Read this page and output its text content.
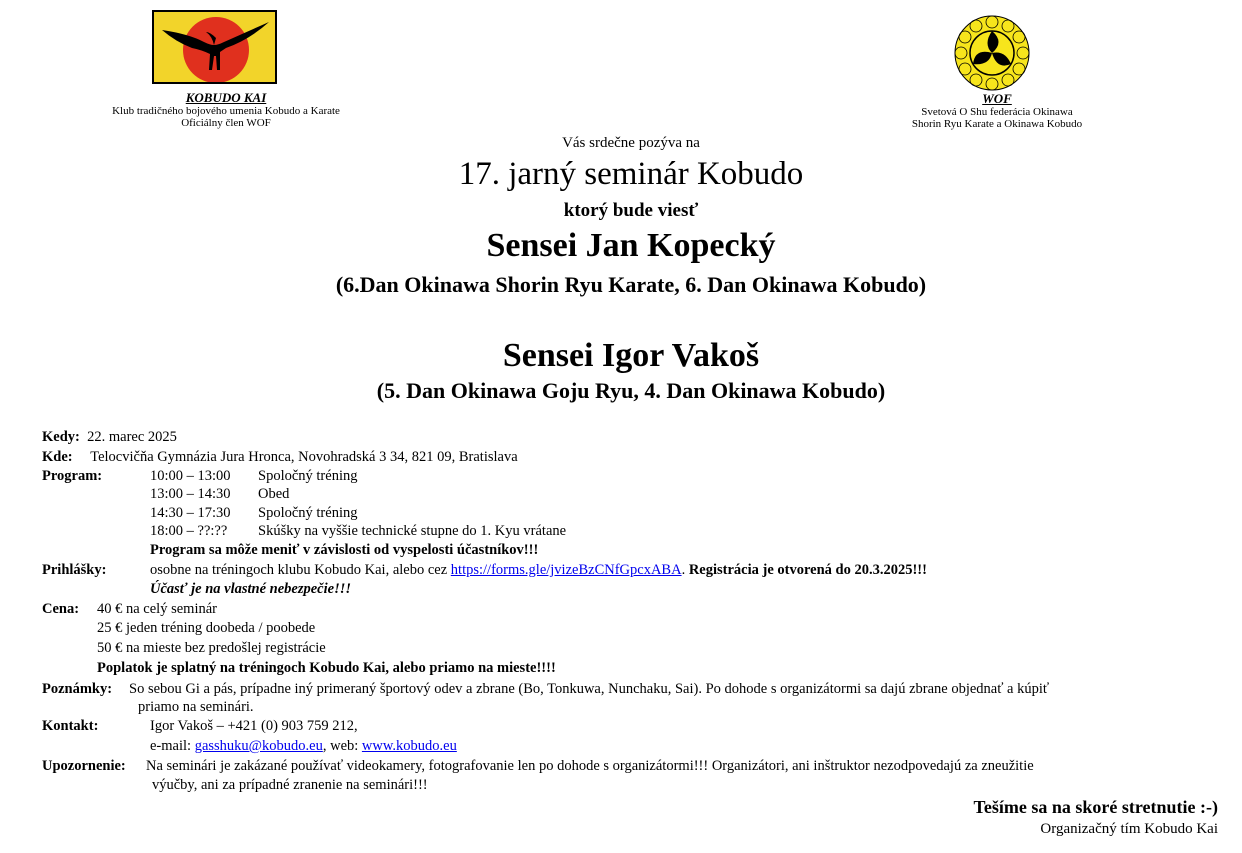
KOBUDO KAI
Klub tradičného bojového umenia Kobudo a Karate
Oficiálny člen WOF
WOF
Svetová O Shu federácia Okinawa
Shorin Ryu Karate a Okinawa Kobudo
Vás srdečne pozýva na
17. jarný seminár Kobudo
ktorý bude viesť
Sensei Jan Kopecký
(6.Dan Okinawa Shorin Ryu Karate, 6. Dan Okinawa Kobudo)
Sensei Igor Vakoš
(5. Dan Okinawa Goju Ryu, 4. Dan Okinawa Kobudo)
Kedy: 22. marec 2025
Kde: Telocvičňa Gymnázia Jura Hronca, Novohradská 3 34, 821 09, Bratislava
Program:	10:00 – 13:00 Spoločný tréning
13:00 – 14:30 Obed
14:30 – 17:30 Spoločný tréning
18:00 – ??:?? Skúšky na vyššie technické stupne do 1. Kyu vrátane
Program sa môže meniť v závislosti od vyspelosti účastníkov!!!
Prihlášky:	osobne na tréningoch klubu Kobudo Kai, alebo cez https://forms.gle/jvizeBzCNfGpcxABA. Registrácia je otvorená do 20.3.2025!!!
Účasť je na vlastné nebezpečie!!!
Cena: 40 € na celý seminár
25 € jeden tréning doobeda / poobede
50 € na mieste bez predošlej registrácie
Poplatok je splatný na tréningoch Kobudo Kai, alebo priamo na mieste!!!!
Poznámky: So sebou Gi a pás, prípadne iný primeraný športový odev a zbrane (Bo, Tonkuwa, Nunchaku, Sai). Po dohode s organizátormi sa dajú zbrane objednať a kúpiť
priamo na seminári.
Kontakt:	Igor Vakoš – +421 (0) 903 759 212,
e-mail: gasshuku@kobudo.eu, web: www.kobudo.eu
Upozornenie: Na seminári je zakázané používať videokamery, fotografovanie len po dohode s organizátormi!!! Organizátori, ani inštruktor nezodpovedajú za zneužitie
výučby, ani za prípadné zranenie na seminári!!!
Tešíme sa na skoré stretnutie :-)
Organizačný tím Kobudo Kai
